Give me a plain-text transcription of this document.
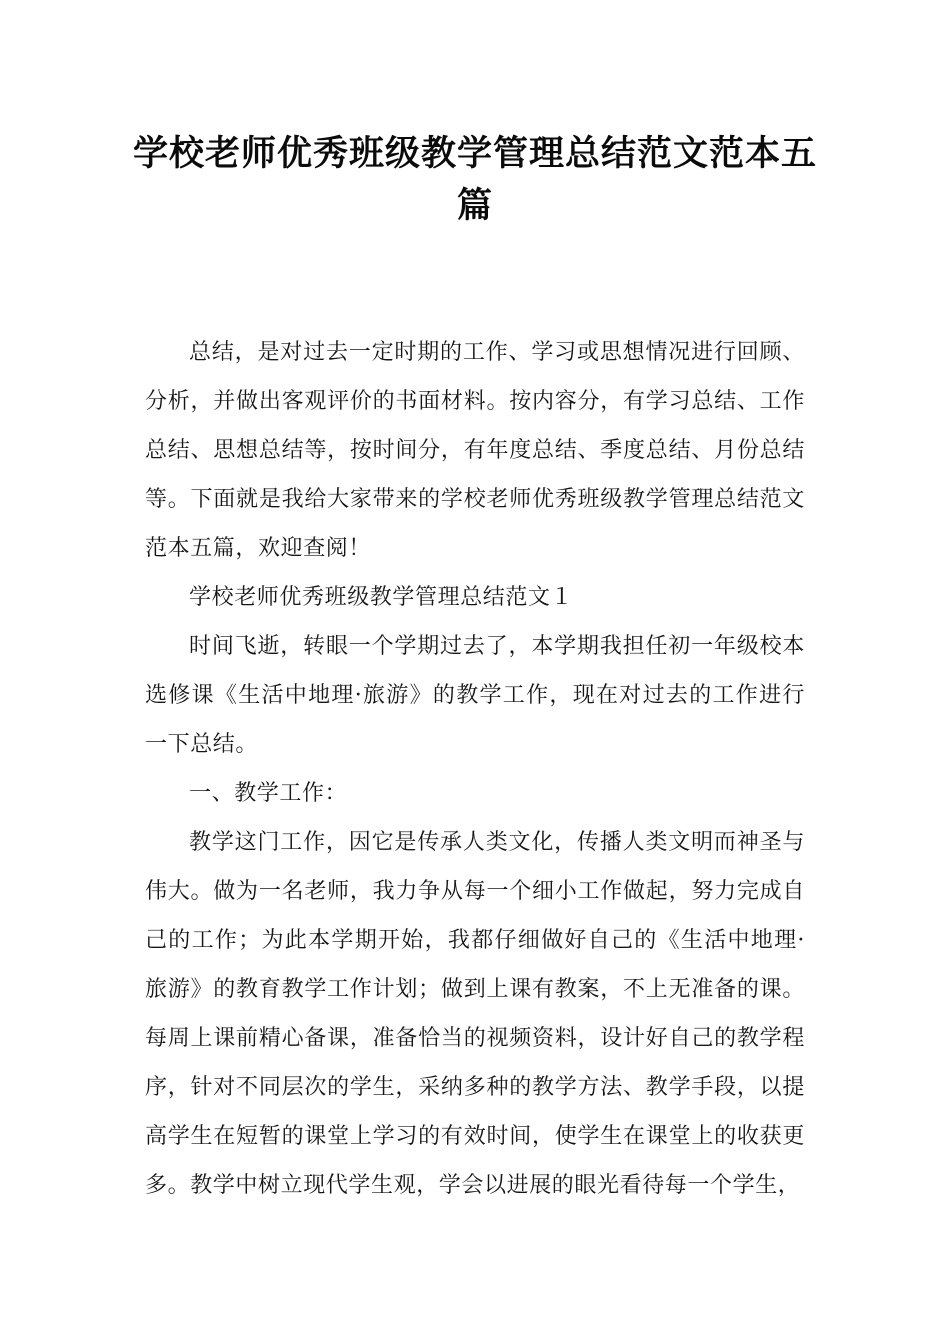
学校老师优秀班级教学管理总结范文范本五篇

总结，是对过去一定时期的工作、学习或思想情况进行回顾、分析，并做出客观评价的书面材料。按内容分，有学习总结、工作总结、思想总结等，按时间分，有年度总结、季度总结、月份总结等。下面就是我给大家带来的学校老师优秀班级教学管理总结范文范本五篇，欢迎查阅！

学校老师优秀班级教学管理总结范文１

时间飞逝，转眼一个学期过去了，本学期我担任初一年级校本选修课《生活中地理·旅游》的教学工作，现在对过去的工作进行一下总结。

一、教学工作：

教学这门工作，因它是传承人类文化，传播人类文明而神圣与伟大。做为一名老师，我力争从每一个细小工作做起，努力完成自己的工作；为此本学期开始，我都仔细做好自己的《生活中地理·旅游》的教育教学工作计划；做到上课有教案，不上无准备的课。每周上课前精心备课，准备恰当的视频资料，设计好自己的教学程序，针对不同层次的学生，采纳多种的教学方法、教学手段，以提高学生在短暂的课堂上学习的有效时间，使学生在课堂上的收获更多。教学中树立现代学生观，学会以进展的眼光看待每一个学生，
